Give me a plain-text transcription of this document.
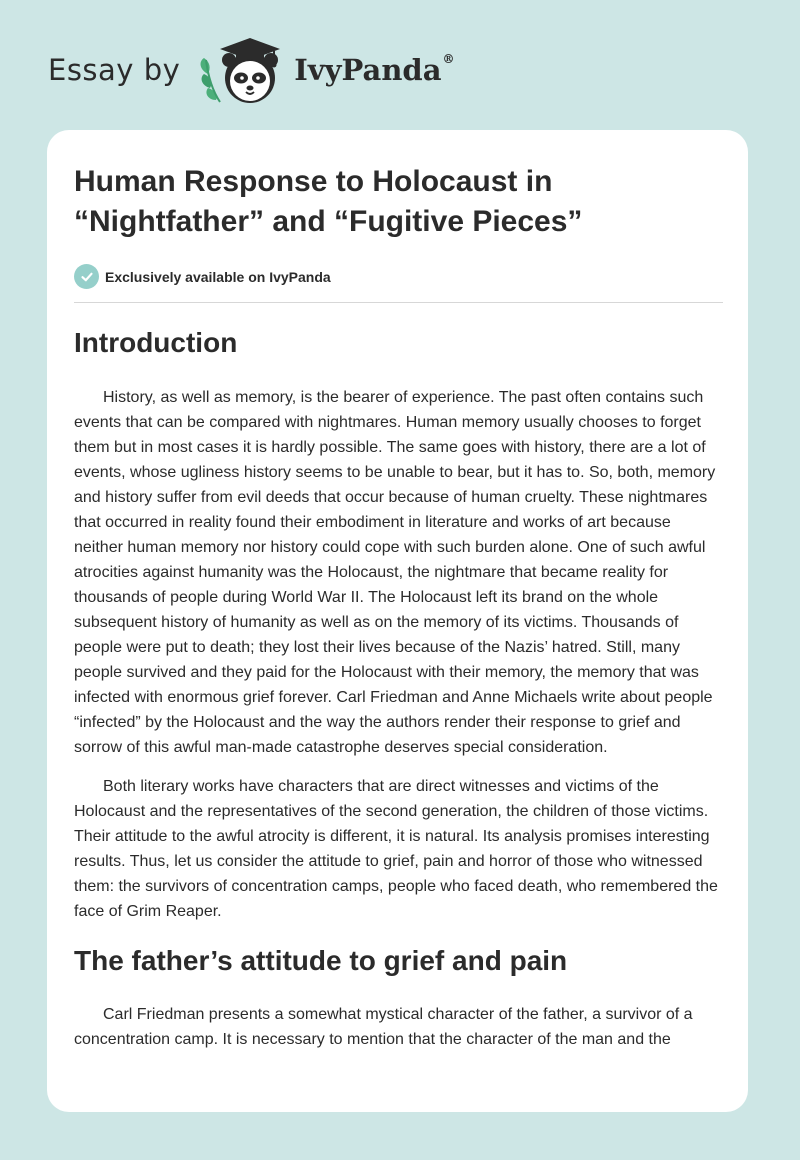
Essay by	IvyPanda®
Human Response to Holocaust in “Nightfather” and “Fugitive Pieces”
Exclusively available on IvyPanda
Introduction

History, as well as memory, is the bearer of experience. The past often contains such events that can be compared with nightmares. Human memory usually chooses to forget them but in most cases it is hardly possible. The same goes with history, there are a lot of events, whose ugliness history seems to be unable to bear, but it has to. So, both, memory and history suffer from evil deeds that occur because of human cruelty. These nightmares that occurred in reality found their embodiment in literature and works of art because neither human memory nor history could cope with such burden alone. One of such awful atrocities against humanity was the Holocaust, the nightmare that became reality for thousands of people during World War II. The Holocaust left its brand on the whole subsequent history of humanity as well as on the memory of its victims. Thousands of people were put to death; they lost their lives because of the Nazis’ hatred. Still, many people survived and they paid for the Holocaust with their memory, the memory that was infected with enormous grief forever. Carl Friedman and Anne Michaels write about people “infected” by the Holocaust and the way the authors render their response to grief and sorrow of this awful man-made catastrophe deserves special consideration.

Both literary works have characters that are direct witnesses and victims of the Holocaust and the representatives of the second generation, the children of those victims. Their attitude to the awful atrocity is different, it is natural. Its analysis promises interesting results. Thus, let us consider the attitude to grief, pain and horror of those who witnessed them: the survivors of concentration camps, people who faced death, who remembered the face of Grim Reaper.

The father’s attitude to grief and pain

Carl Friedman presents a somewhat mystical character of the father, a survivor of a concentration camp. It is necessary to mention that the character of the man and the
